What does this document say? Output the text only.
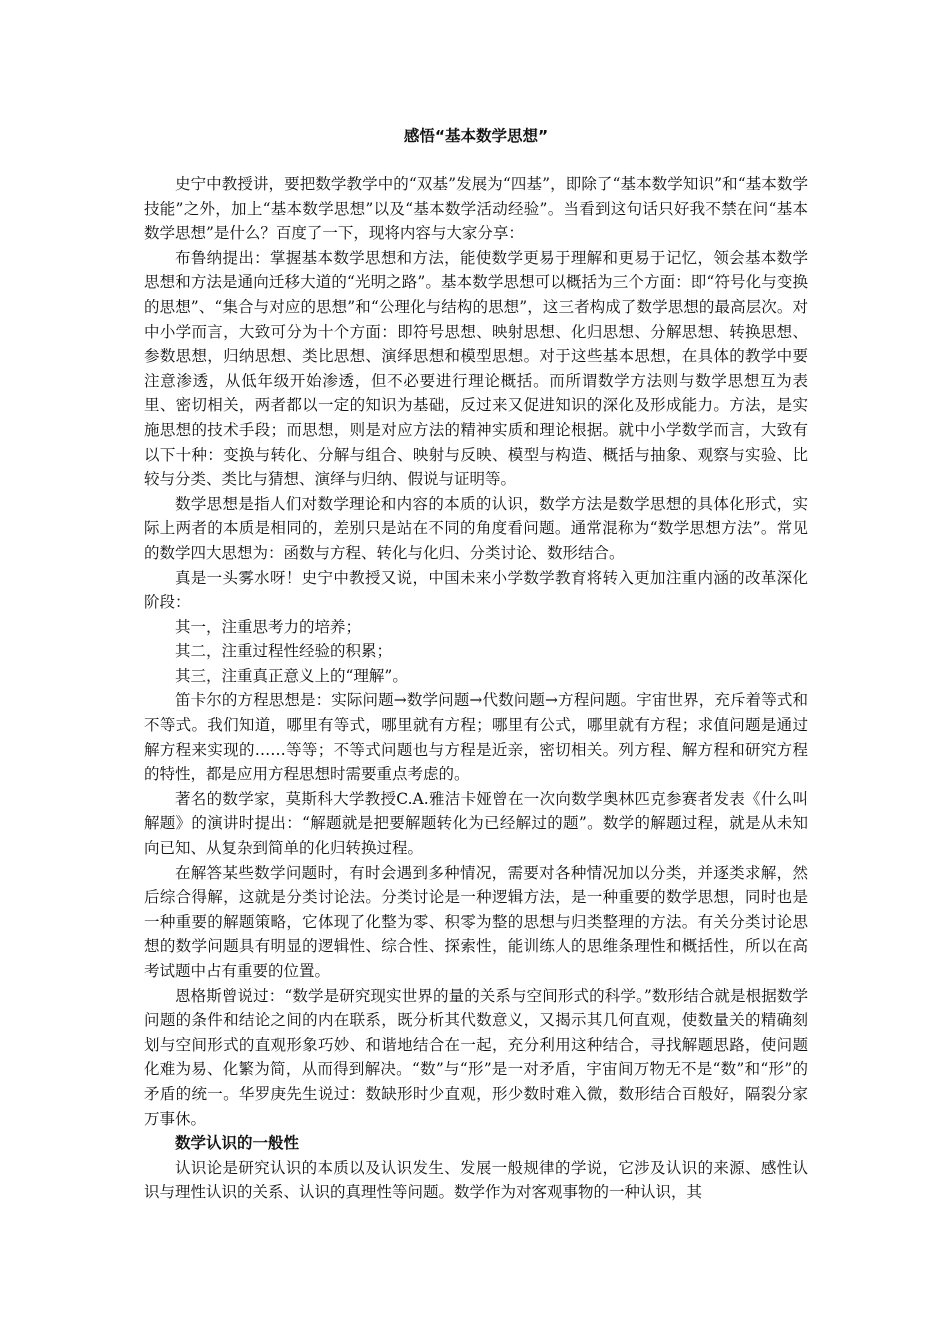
感悟“基本数学思想”

史宁中教授讲，要把数学教学中的“双基”发展为“四基”，即除了“基本数学知识”和“基本数学技能”之外，加上“基本数学思想”以及“基本数学活动经验”。当看到这句话只好我不禁在问“基本数学思想”是什么？百度了一下，现将内容与大家分享：

布鲁纳提出：掌握基本数学思想和方法，能使数学更易于理解和更易于记忆，领会基本数学思想和方法是通向迁移大道的“光明之路”。基本数学思想可以概括为三个方面：即“符号化与变换的思想”、“集合与对应的思想”和“公理化与结构的思想”，这三者构成了数学思想的最高层次。对中小学而言，大致可分为十个方面：即符号思想、映射思想、化归思想、分解思想、转换思想、参数思想，归纳思想、类比思想、演绎思想和模型思想。对于这些基本思想，在具体的教学中要注意渗透，从低年级开始渗透，但不必要进行理论概括。而所谓数学方法则与数学思想互为表里、密切相关，两者都以一定的知识为基础，反过来又促进知识的深化及形成能力。方法，是实施思想的技术手段；而思想，则是对应方法的精神实质和理论根据。就中小学数学而言，大致有以下十种：变换与转化、分解与组合、映射与反映、模型与构造、概括与抽象、观察与实验、比较与分类、类比与猜想、演绎与归纳、假说与证明等。

数学思想是指人们对数学理论和内容的本质的认识，数学方法是数学思想的具体化形式，实际上两者的本质是相同的，差别只是站在不同的角度看问题。通常混称为“数学思想方法”。常见的数学四大思想为：函数与方程、转化与化归、分类讨论、数形结合。

真是一头雾水呀！史宁中教授又说，中国未来小学数学教育将转入更加注重内涵的改革深化阶段：

其一，注重思考力的培养；

其二，注重过程性经验的积累；

其三，注重真正意义上的“理解”。

笛卡尔的方程思想是：实际问题→数学问题→代数问题→方程问题。宇宙世界，充斥着等式和不等式。我们知道，哪里有等式，哪里就有方程；哪里有公式，哪里就有方程；求值问题是通过解方程来实现的……等等；不等式问题也与方程是近亲，密切相关。列方程、解方程和研究方程的特性，都是应用方程思想时需要重点考虑的。

著名的数学家，莫斯科大学教授C.A.雅洁卡娅曾在一次向数学奥林匹克参赛者发表《什么叫解题》的演讲时提出：“解题就是把要解题转化为已经解过的题”。数学的解题过程，就是从未知向已知、从复杂到简单的化归转换过程。

在解答某些数学问题时，有时会遇到多种情况，需要对各种情况加以分类，并逐类求解，然后综合得解，这就是分类讨论法。分类讨论是一种逻辑方法，是一种重要的数学思想，同时也是一种重要的解题策略，它体现了化整为零、积零为整的思想与归类整理的方法。有关分类讨论思想的数学问题具有明显的逻辑性、综合性、探索性，能训练人的思维条理性和概括性，所以在高考试题中占有重要的位置。

恩格斯曾说过：“数学是研究现实世界的量的关系与空间形式的科学。”数形结合就是根据数学问题的条件和结论之间的内在联系，既分析其代数意义，又揭示其几何直观，使数量关的精确刻划与空间形式的直观形象巧妙、和谐地结合在一起，充分利用这种结合，寻找解题思路，使问题化难为易、化繁为简，从而得到解决。“数”与“形”是一对矛盾，宇宙间万物无不是“数”和“形”的矛盾的统一。华罗庚先生说过：数缺形时少直观，形少数时难入微，数形结合百般好，隔裂分家万事休。

数学认识的一般性

认识论是研究认识的本质以及认识发生、发展一般规律的学说，它涉及认识的来源、感性认识与理性认识的关系、认识的真理性等问题。数学作为对客观事物的一种认识，其
